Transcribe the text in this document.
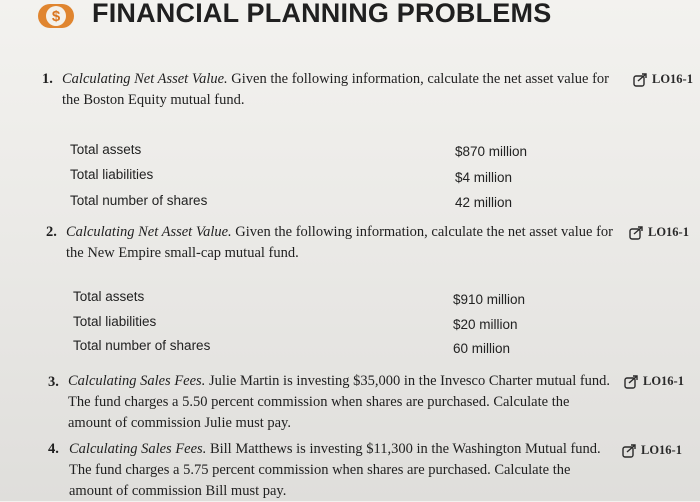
$ FINANCIAL PLANNING PROBLEMS
1. Calculating Net Asset Value. Given the following information, calculate the net asset value for
the Boston Equity mutual fund.
LO16-1
Total assets	$870 million
Total liabilities	$4 million
Total number of shares	42 million
2. Calculating Net Asset Value. Given the following information, calculate the net asset value for
the New Empire small-cap mutual fund.
LO16-1
Total assets	$910 million
Total liabilities	$20 million
Total number of shares	60 million
3. Calculating Sales Fees. Julie Martin is investing $35,000 in the Invesco Charter mutual fund.
The fund charges a 5.50 percent commission when shares are purchased. Calculate the
amount of commission Julie must pay.
LO16-1
4. Calculating Sales Fees. Bill Matthews is investing $11,300 in the Washington Mutual fund.
The fund charges a 5.75 percent commission when shares are purchased. Calculate the
amount of commission Bill must pay.
LO16-1
